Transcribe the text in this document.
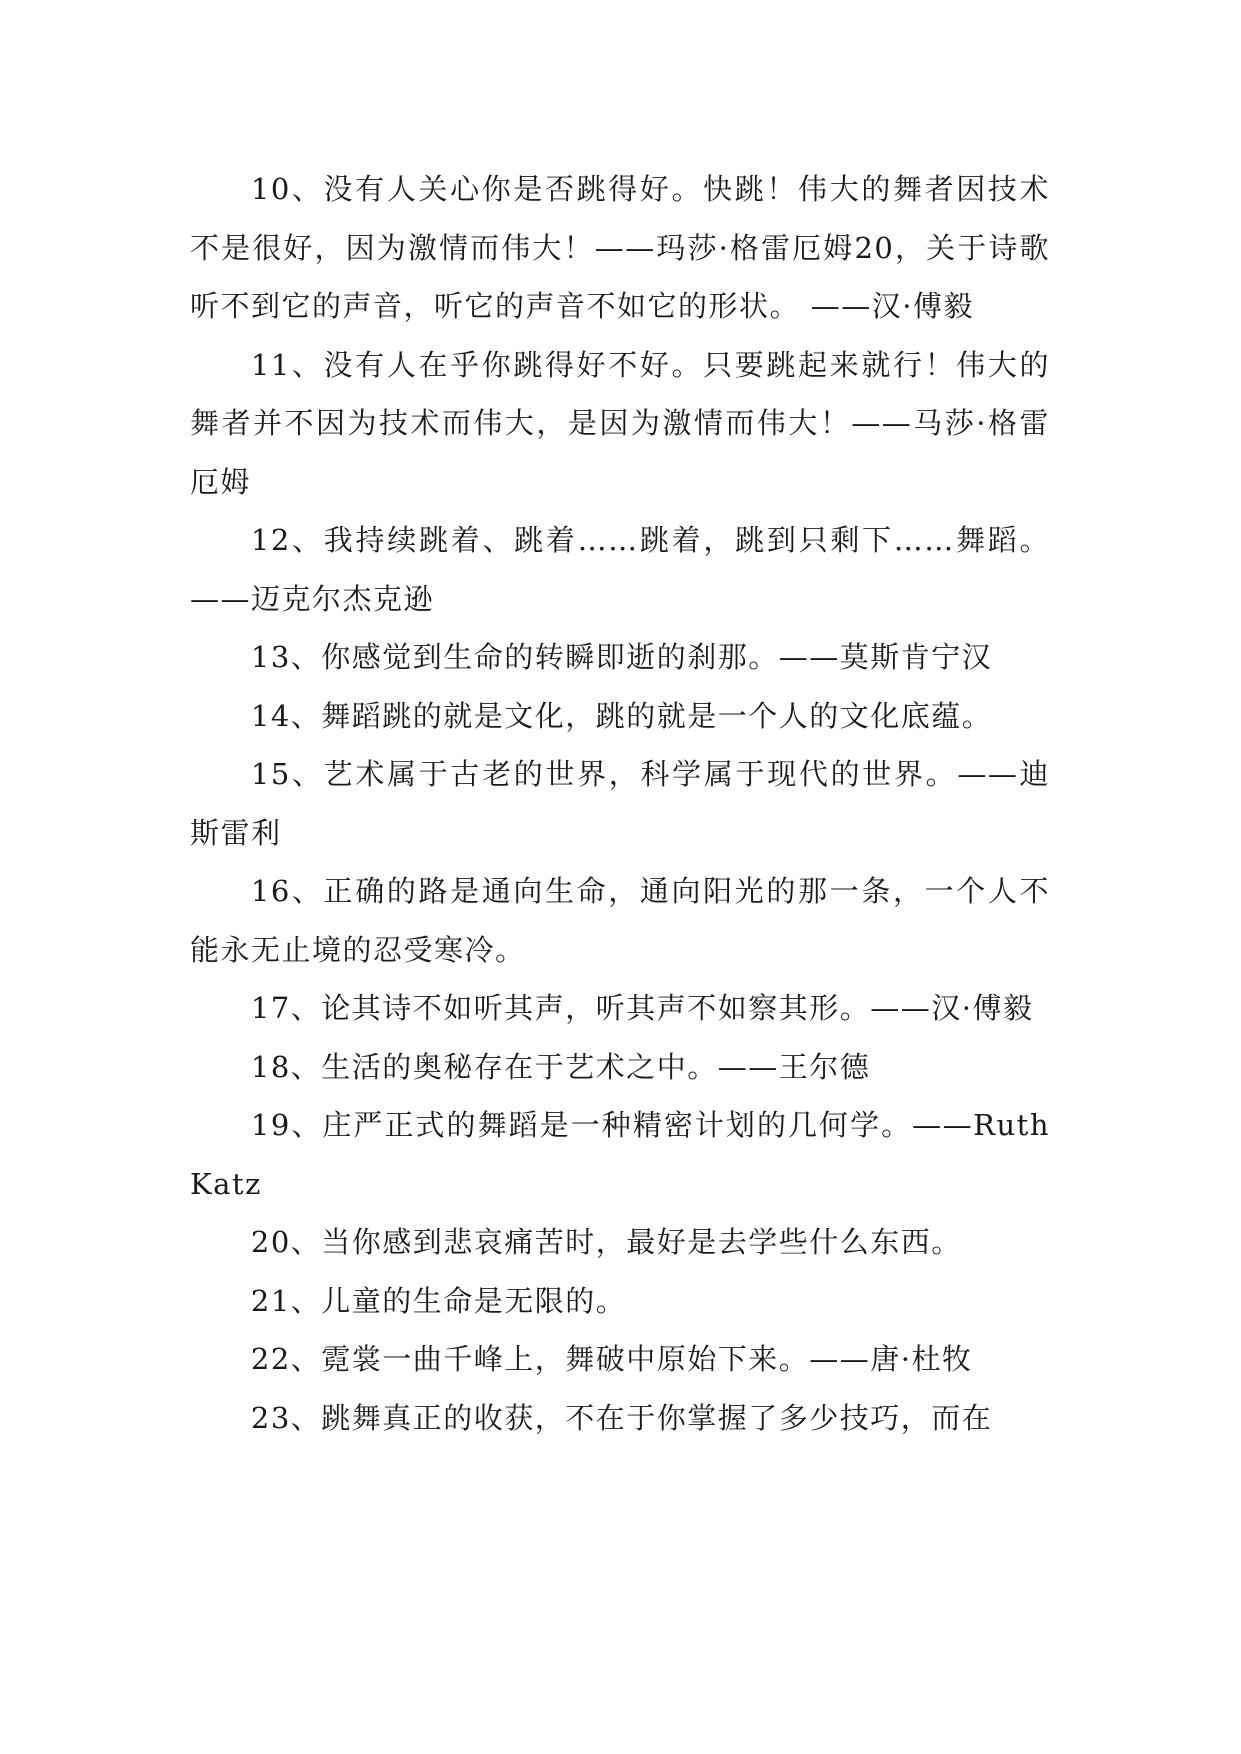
10、没有人关心你是否跳得好。快跳！伟大的舞者因技术不是很好，因为激情而伟大！——玛莎·格雷厄姆20，关于诗歌听不到它的声音，听它的声音不如它的形状。 ——汉·傅毅

11、没有人在乎你跳得好不好。只要跳起来就行！伟大的舞者并不因为技术而伟大，是因为激情而伟大！——马莎·格雷厄姆

12、我持续跳着、跳着……跳着，跳到只剩下……舞蹈。——迈克尔杰克逊

13、你感觉到生命的转瞬即逝的刹那。——莫斯肯宁汉

14、舞蹈跳的就是文化，跳的就是一个人的文化底蕴。

15、艺术属于古老的世界，科学属于现代的世界。——迪斯雷利

16、正确的路是通向生命，通向阳光的那一条，一个人不能永无止境的忍受寒冷。

17、论其诗不如听其声，听其声不如察其形。——汉·傅毅

18、生活的奥秘存在于艺术之中。——王尔德

19、庄严正式的舞蹈是一种精密计划的几何学。——Ruth Katz

20、当你感到悲哀痛苦时，最好是去学些什么东西。

21、儿童的生命是无限的。

22、霓裳一曲千峰上，舞破中原始下来。——唐·杜牧

23、跳舞真正的收获，不在于你掌握了多少技巧，而在
